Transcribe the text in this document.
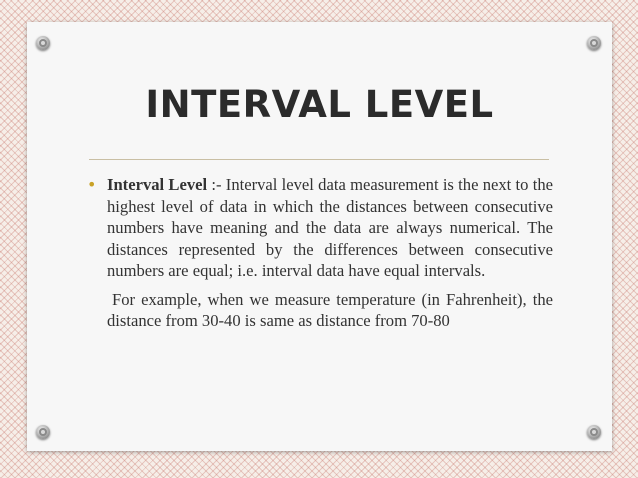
INTERVAL LEVEL

• Interval Level :- Interval level data measurement is the next to the highest level of data in which the distances between consecutive numbers have meaning and the data are always numerical. The distances represented by the differences between consecutive numbers are equal; i.e. interval data have equal intervals.

For example, when we measure temperature (in Fahrenheit), the distance from 30-40 is same as distance from 70-80
